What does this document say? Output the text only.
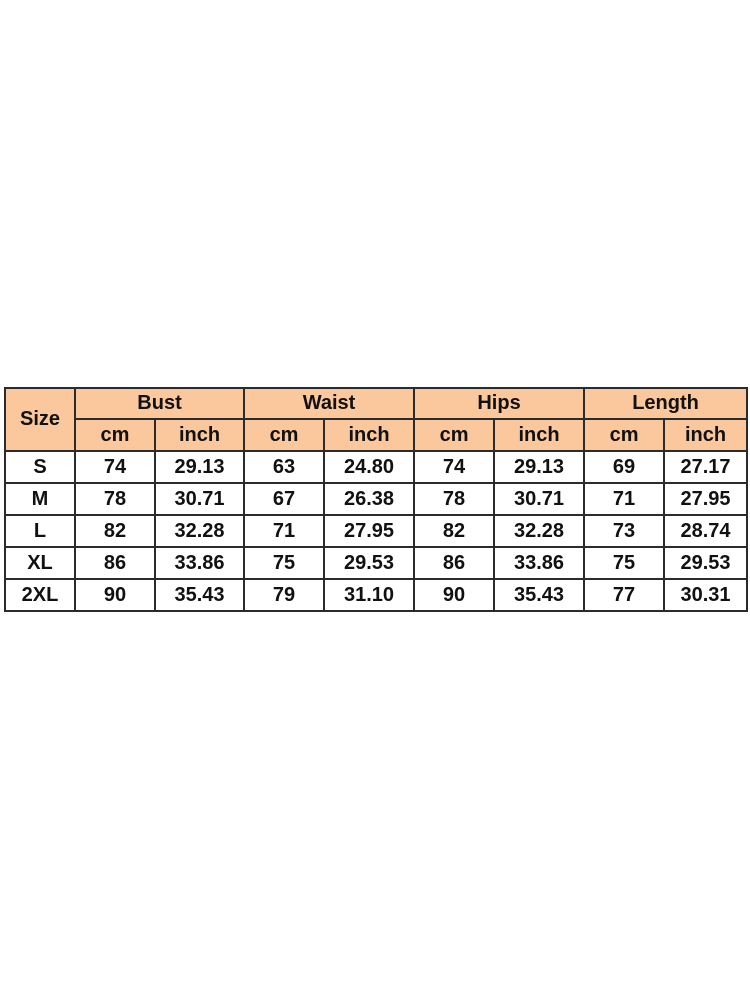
Size	Bust		Waist		Hips		Length	
	cm	inch	cm	inch	cm	inch	cm	inch
S	74	29.13	63	24.80	74	29.13	69	27.17
M	78	30.71	67	26.38	78	30.71	71	27.95
L	82	32.28	71	27.95	82	32.28	73	28.74
XL	86	33.86	75	29.53	86	33.86	75	29.53
2XL	90	35.43	79	31.10	90	35.43	77	30.31
